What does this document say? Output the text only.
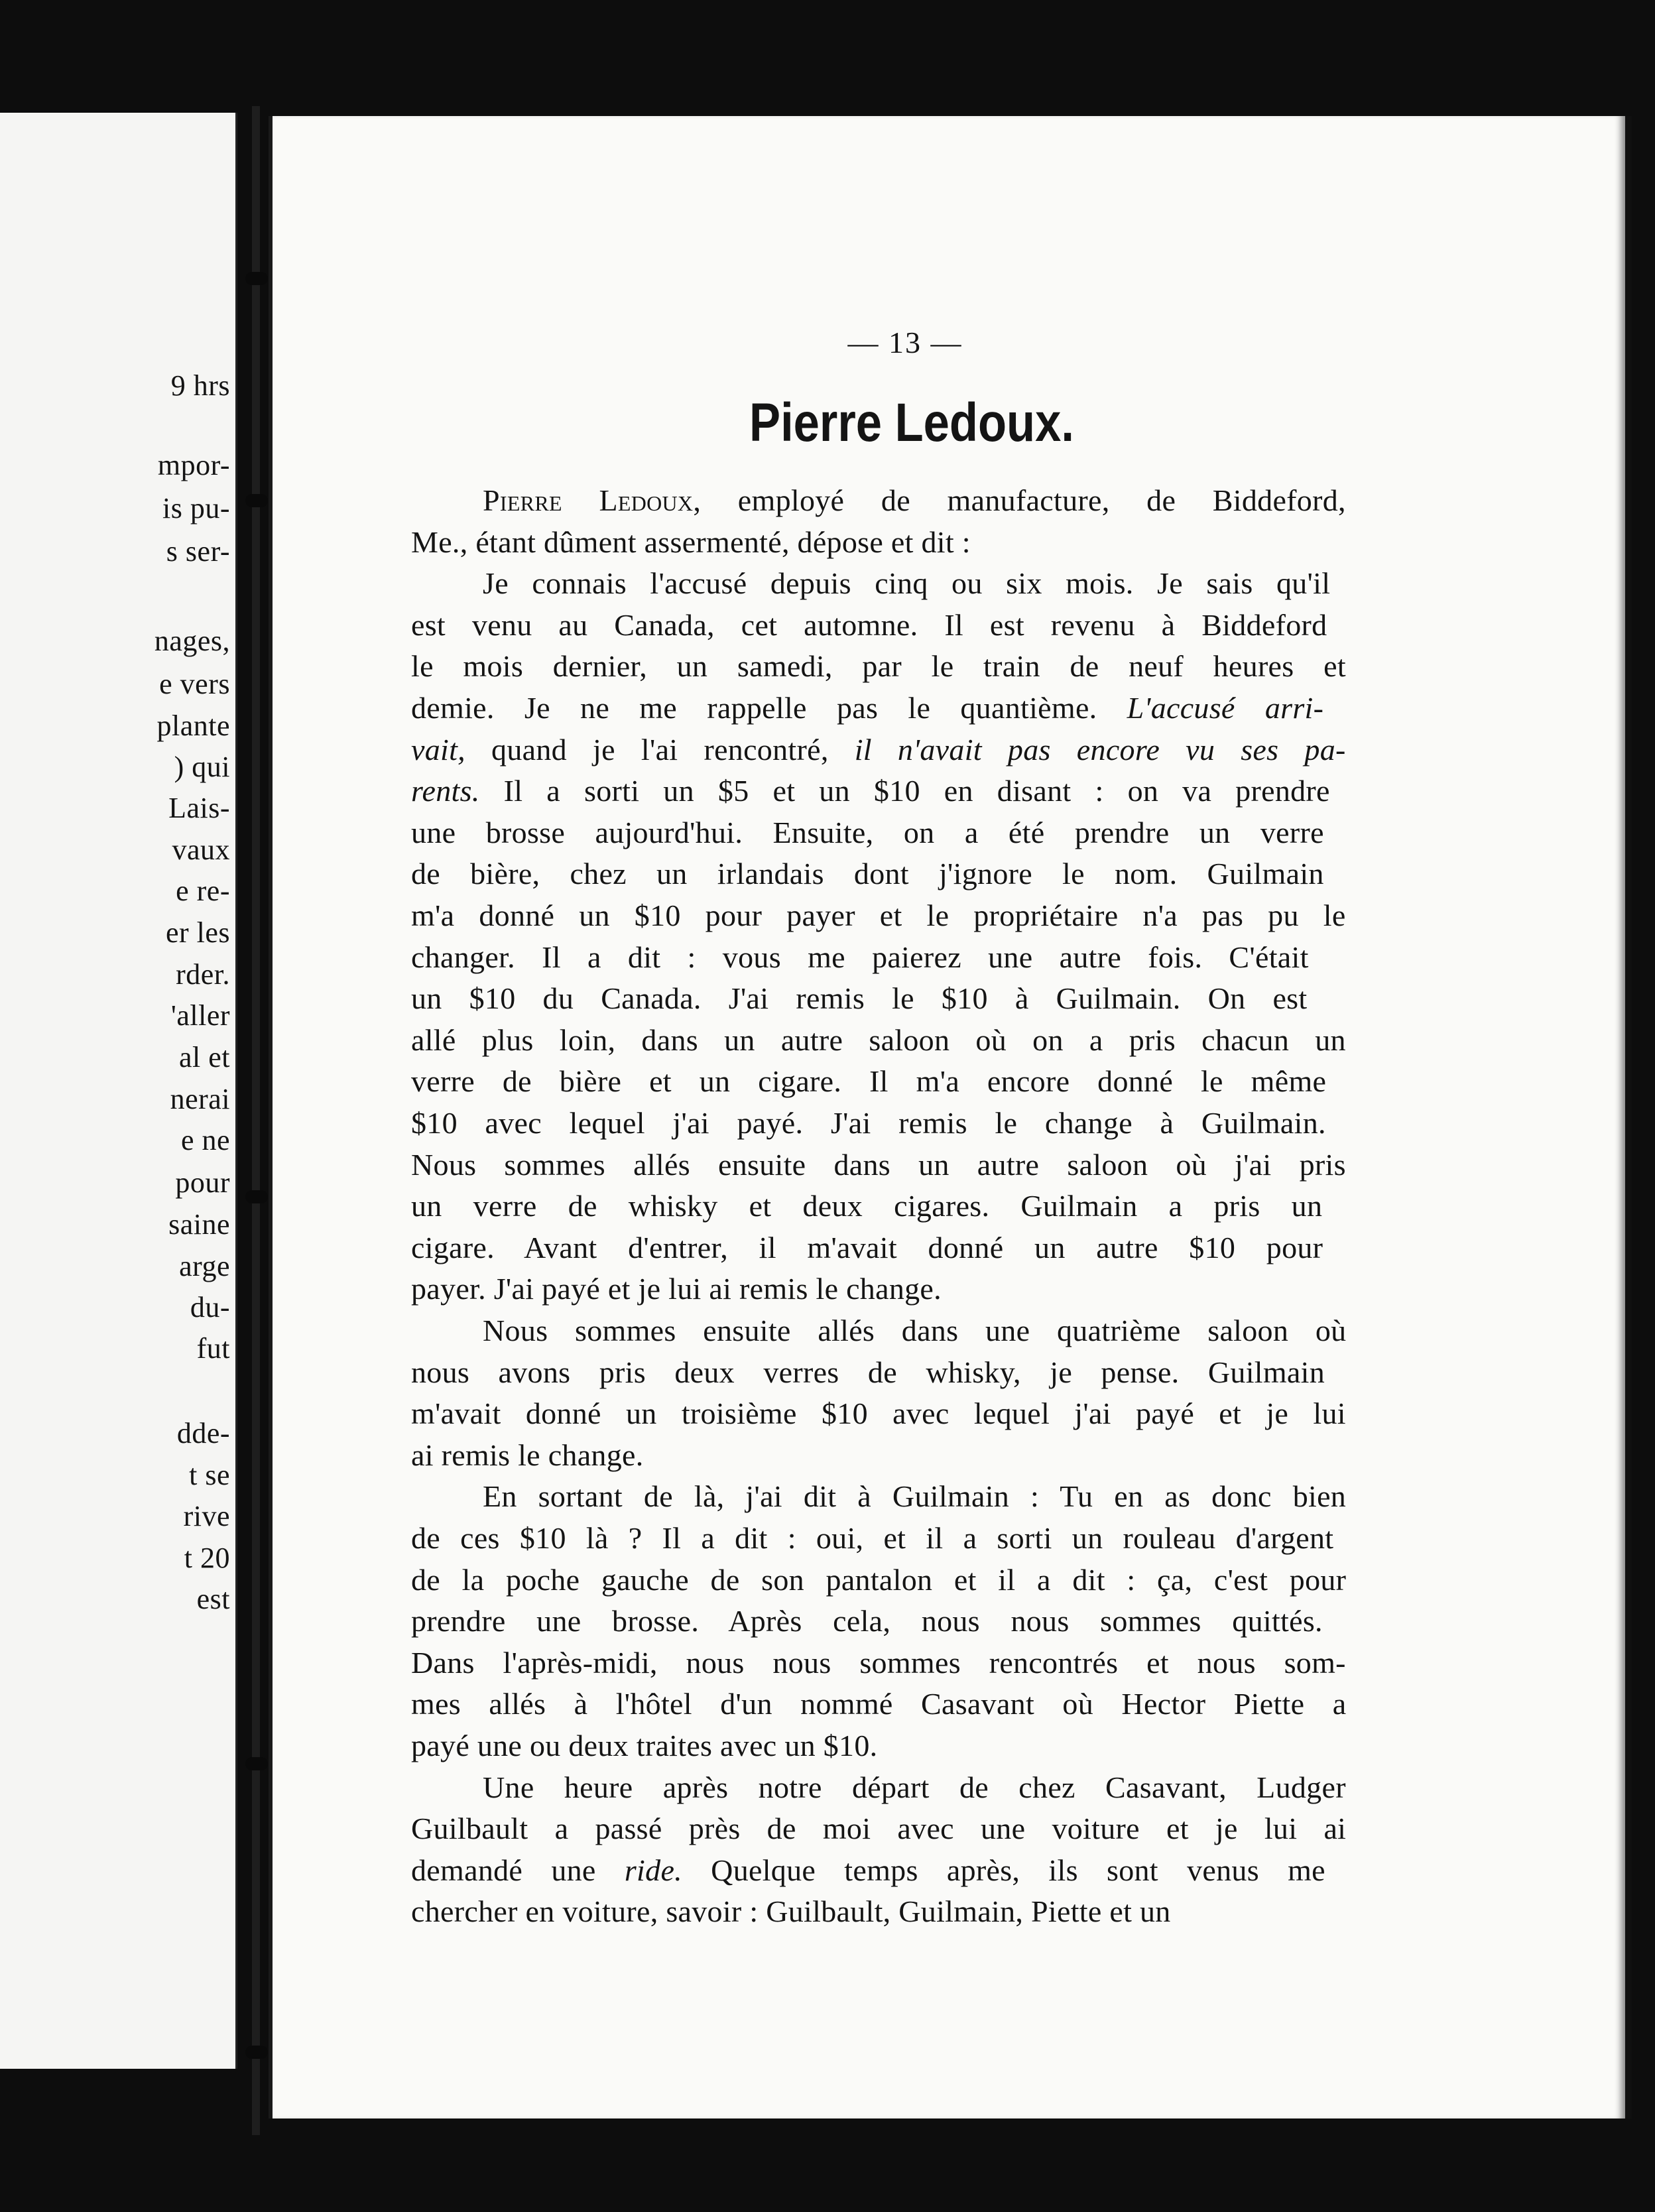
9 hrs
mpor-
is pu-
s ser-
nages,
e vers
plante
) qui
Lais-
vaux
e re-
er les
rder.
'aller
al et
nerai
e ne
pour
saine
arge
du-
fut
dde-
t se
rive
t 20
est
— 13 —
Pierre Ledoux.
Pierre Ledoux, employé de manufacture, de Biddeford,
Me., étant dûment assermenté, dépose et dit :
Je connais l'accusé depuis cinq ou six mois. Je sais qu'il
est venu au Canada, cet automne. Il est revenu à Biddeford
le mois dernier, un samedi, par le train de neuf heures et
demie. Je ne me rappelle pas le quantième. L'accusé arri-
vait, quand je l'ai rencontré, il n'avait pas encore vu ses pa-
rents. Il a sorti un $5 et un $10 en disant : on va prendre
une brosse aujourd'hui. Ensuite, on a été prendre un verre
de bière, chez un irlandais dont j'ignore le nom. Guilmain
m'a donné un $10 pour payer et le propriétaire n'a pas pu le
changer. Il a dit : vous me paierez une autre fois. C'était
un $10 du Canada. J'ai remis le $10 à Guilmain. On est
allé plus loin, dans un autre saloon où on a pris chacun un
verre de bière et un cigare. Il m'a encore donné le même
$10 avec lequel j'ai payé. J'ai remis le change à Guilmain.
Nous sommes allés ensuite dans un autre saloon où j'ai pris
un verre de whisky et deux cigares. Guilmain a pris un
cigare. Avant d'entrer, il m'avait donné un autre $10 pour
payer. J'ai payé et je lui ai remis le change.
Nous sommes ensuite allés dans une quatrième saloon où
nous avons pris deux verres de whisky, je pense. Guilmain
m'avait donné un troisième $10 avec lequel j'ai payé et je lui
ai remis le change.
En sortant de là, j'ai dit à Guilmain : Tu en as donc bien
de ces $10 là ? Il a dit : oui, et il a sorti un rouleau d'argent
de la poche gauche de son pantalon et il a dit : ça, c'est pour
prendre une brosse. Après cela, nous nous sommes quittés.
Dans l'après-midi, nous nous sommes rencontrés et nous som-
mes allés à l'hôtel d'un nommé Casavant où Hector Piette a
payé une ou deux traites avec un $10.
Une heure après notre départ de chez Casavant, Ludger
Guilbault a passé près de moi avec une voiture et je lui ai
demandé une ride. Quelque temps après, ils sont venus me
chercher en voiture, savoir : Guilbault, Guilmain, Piette et un
